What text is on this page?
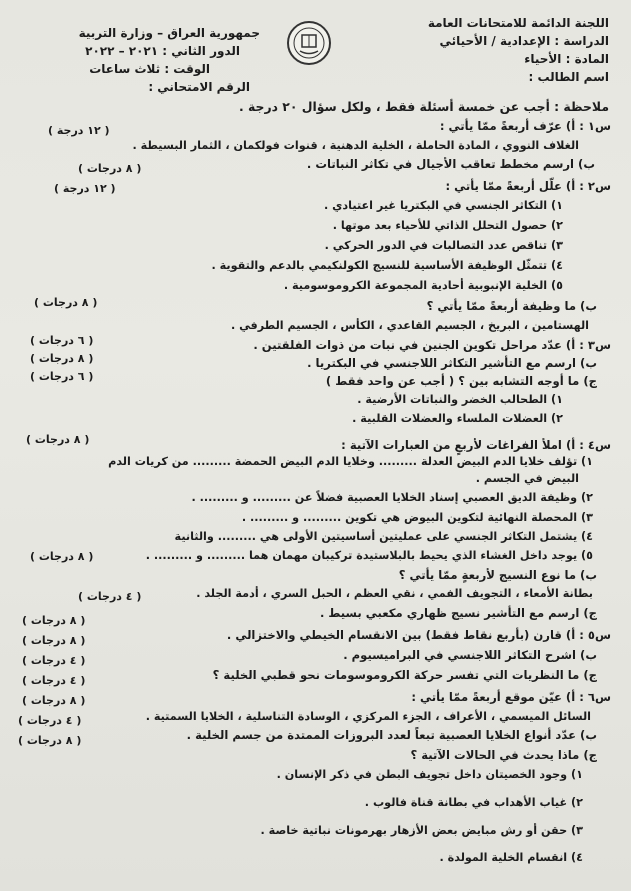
اللجنة الدائمة للامتحانات العامة
الدراسة : الإعدادية / الأحيائي
المادة : الأحياء
اسم الطالب :
جمهورية العراق – وزارة التربية
الدور الثاني : ٢٠٢١ – ٢٠٢٢
الوقت : ثلاث ساعات
الرقم الامتحاني :
ملاحظة : أجب عن خمسة أسئلة فقط ، ولكل سؤال ٢٠ درجة .
س١ : أ) عرّف أربعةً ممّا يأتي :
( ١٢ درجة )
الغلاف النووي ، المادة الحاملة ، الخلية الدهنية ، قنوات فولكمان ، الثمار البسيطة .
ب) ارسم مخطط تعاقب الأجيال في تكاثر النباتات .
( ٨ درجات )
س٢ : أ) علّل أربعةً ممّا يأتي :
( ١٢ درجة )
١) التكاثر الجنسي في البكتريا غير اعتيادي .
٢) حصول التحلل الذاتي للأحياء بعد موتها .
٣) تناقص عدد التصالبات في الدور الحركي .
٤) تتمثّل الوظيفة الأساسية للنسيج الكولنكيمي بالدعم والتقوية .
٥) الخلية الإنبوبية أحادية المجموعة الكروموسومية .
ب) ما وظيفة أربعةً ممّا يأتي ؟
( ٨ درجات )
الهستامين ، البريخ ، الجسيم القاعدي ، الكأس ، الجسيم الطرفي .
س٣ : أ) عدّد مراحل تكوين الجنين في نبات من ذوات الفلقتين .
( ٦ درجات )
ب) ارسم مع التأشير التكاثر اللاجنسي في البكتريا .
( ٨ درجات )
ج) ما أوجه التشابه بين ؟ ( أجب عن واحد فقط )
( ٦ درجات )
١) الطحالب الخضر والنباتات الأرضية .
٢) العضلات الملساء والعضلات القلبية .
س٤ : أ) املأ الفراغات لأربعٍ من العبارات الآتية :
( ٨ درجات )
١) تؤلف خلايا الدم البيض العدلة ......... وخلايا الدم البيض الحمضة ......... من كريات الدم
البيض في الجسم .
٢) وظيفة الديق العصبي إسناد الخلايا العصبية فضلاً عن ......... و ......... .
٣) المحصلة النهائية لتكوين البيوض هي تكوين ......... و ......... .
٤) يشتمل التكاثر الجنسي على عمليتين أساسيتين الأولى هي ......... والثانية
٥) يوجد داخل الغشاء الذي يحيط بالبلاستيدة تركيبان مهمان هما ......... و ......... .
( ٨ درجات )
ب) ما نوع النسيج لأربعةٍ ممّا يأتي ؟
بطانة الأمعاء ، التجويف الفمي ، نقي العظم ، الحبل السري ، أدمة الجلد .
( ٤ درجات )
ج) ارسم مع التأشير نسيج ظهاري مكعبي بسيط .
( ٨ درجات )
س٥ : أ) قارن (بأربع نقاط فقط) بين الانقسام الخيطي والاختزالي .
( ٨ درجات )
ب) اشرح التكاثر اللاجنسي في البراميسيوم .
( ٤ درجات )
ج) ما النظريات التي تفسر حركة الكروموسومات نحو قطبي الخلية ؟
( ٤ درجات )
س٦ : أ) عيّن موقع أربعةً ممّا يأتي :
( ٨ درجات )
السائل الميسمي ، الأعراف ، الجزء المركزي ، الوسادة التناسلية ، الخلايا السمتية .
( ٤ درجات )
ب) عدّد أنواع الخلايا العصبية تبعاً لعدد البروزات الممتدة من جسم الخلية .
( ٨ درجات )
ج) ماذا يحدث في الحالات الآتية ؟
١) وجود الخصيتان داخل تجويف البطن في ذكر الإنسان .
٢) غياب الأهداب في بطانة قناة فالوب .
٣) حقن أو رش مبايض بعض الأزهار بهرمونات نباتية خاصة .
٤) انقسام الخلية المولدة .
